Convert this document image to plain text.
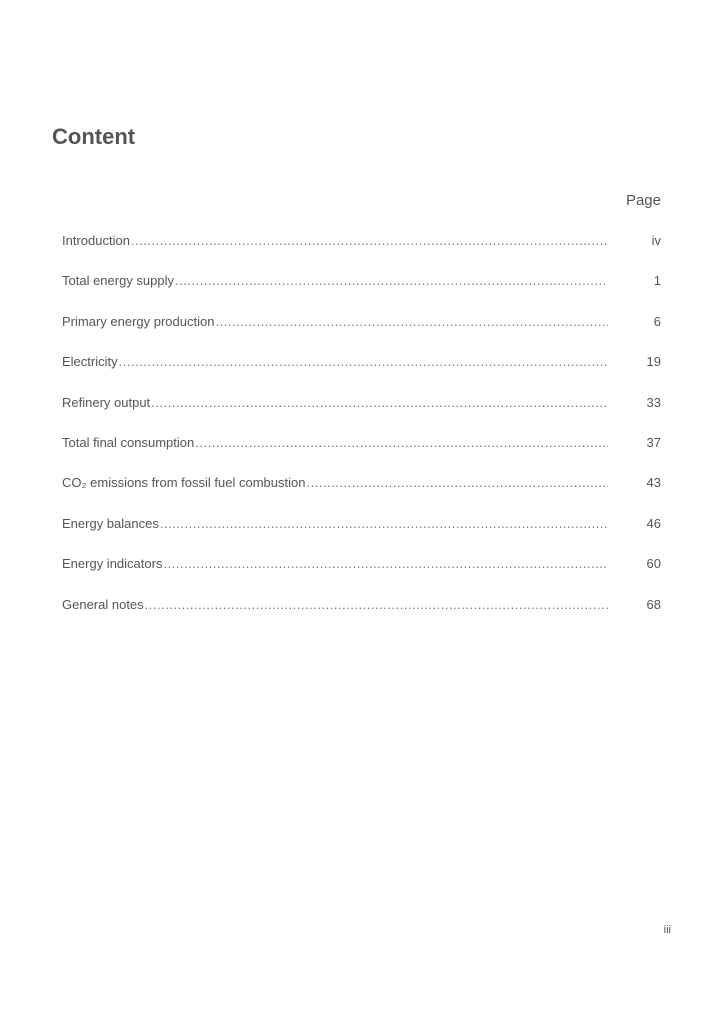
Content
Page
Introduction .....	iv
Total energy supply .....	1
Primary energy production .....	6
Electricity .....	19
Refinery output .....	33
Total final consumption .....	37
CO₂ emissions from fossil fuel combustion .....	43
Energy balances .....	46
Energy indicators .....	60
General notes .....	68
iii
